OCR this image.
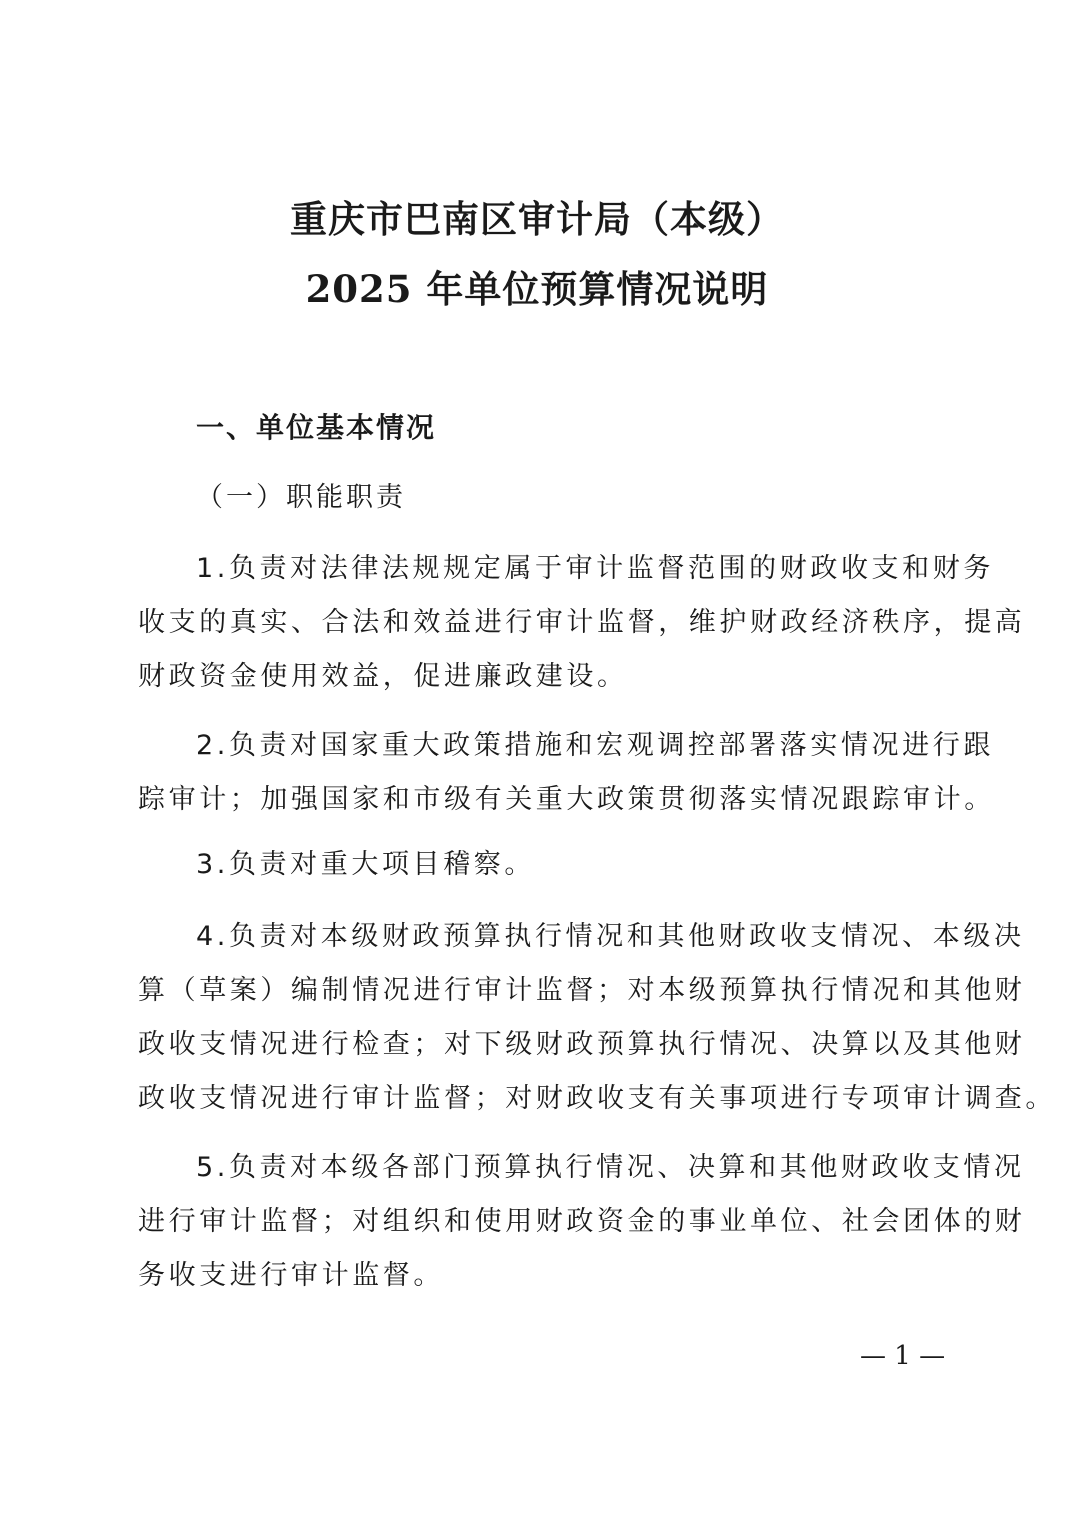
重庆市巴南区审计局（本级）
2025 年单位预算情况说明
一、单位基本情况
（一）职能职责
1.负责对法律法规规定属于审计监督范围的财政收支和财务
收支的真实、合法和效益进行审计监督，维护财政经济秩序，提高
财政资金使用效益，促进廉政建设。
2.负责对国家重大政策措施和宏观调控部署落实情况进行跟
踪审计；加强国家和市级有关重大政策贯彻落实情况跟踪审计。
3.负责对重大项目稽察。
4.负责对本级财政预算执行情况和其他财政收支情况、本级决
算（草案）编制情况进行审计监督；对本级预算执行情况和其他财
政收支情况进行检查；对下级财政预算执行情况、决算以及其他财
政收支情况进行审计监督；对财政收支有关事项进行专项审计调查。
5.负责对本级各部门预算执行情况、决算和其他财政收支情况
进行审计监督；对组织和使用财政资金的事业单位、社会团体的财
务收支进行审计监督。
— 1 —
